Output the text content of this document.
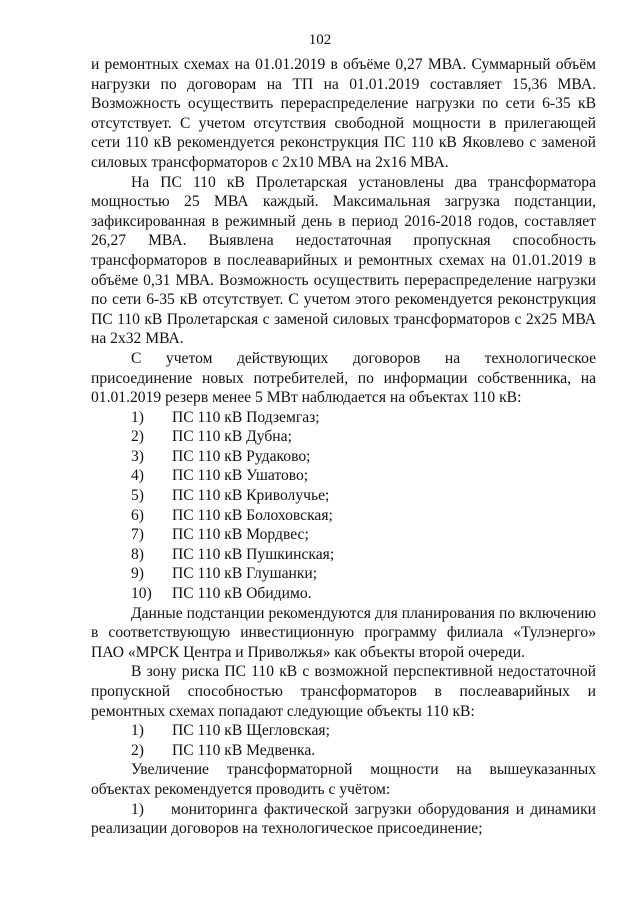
102

и ремонтных схемах на 01.01.2019 в объёме 0,27 МВА. Суммарный объём нагрузки по договорам на ТП на 01.01.2019 составляет 15,36 МВА. Возможность осуществить перераспределение нагрузки по сети 6-35 кВ отсутствует. С учетом отсутствия свободной мощности в прилегающей сети 110 кВ рекомендуется реконструкция ПС 110 кВ Яковлево с заменой силовых трансформаторов с 2х10 МВА на 2х16 МВА.

На ПС 110 кВ Пролетарская установлены два трансформатора мощностью 25 МВА каждый. Максимальная загрузка подстанции, зафиксированная в режимный день в период 2016-2018 годов, составляет 26,27 МВА. Выявлена недостаточная пропускная способность трансформаторов в послеаварийных и ремонтных схемах на 01.01.2019 в объёме 0,31 МВА. Возможность осуществить перераспределение нагрузки по сети 6-35 кВ отсутствует. С учетом этого рекомендуется реконструкция ПС 110 кВ Пролетарская с заменой силовых трансформаторов с 2х25 МВА на 2х32 МВА.

С учетом действующих договоров на технологическое присоединение новых потребителей, по информации собственника, на 01.01.2019 резерв менее 5 МВт наблюдается на объектах 110 кВ:

1) ПС 110 кВ Подземгаз;
2) ПС 110 кВ Дубна;
3) ПС 110 кВ Рудаково;
4) ПС 110 кВ Ушатово;
5) ПС 110 кВ Криволучье;
6) ПС 110 кВ Болоховская;
7) ПС 110 кВ Мордвес;
8) ПС 110 кВ Пушкинская;
9) ПС 110 кВ Глушанки;
10) ПС 110 кВ Обидимо.

Данные подстанции рекомендуются для планирования по включению в соответствующую инвестиционную программу филиала «Тулэнерго» ПАО «МРСК Центра и Приволжья» как объекты второй очереди.

В зону риска ПС 110 кВ с возможной перспективной недостаточной пропускной способностью трансформаторов в послеаварийных и ремонтных схемах попадают следующие объекты 110 кВ:

1) ПС 110 кВ Щегловская;
2) ПС 110 кВ Медвенка.

Увеличение трансформаторной мощности на вышеуказанных объектах рекомендуется проводить с учётом:

1) мониторинга фактической загрузки оборудования и динамики реализации договоров на технологическое присоединение;
